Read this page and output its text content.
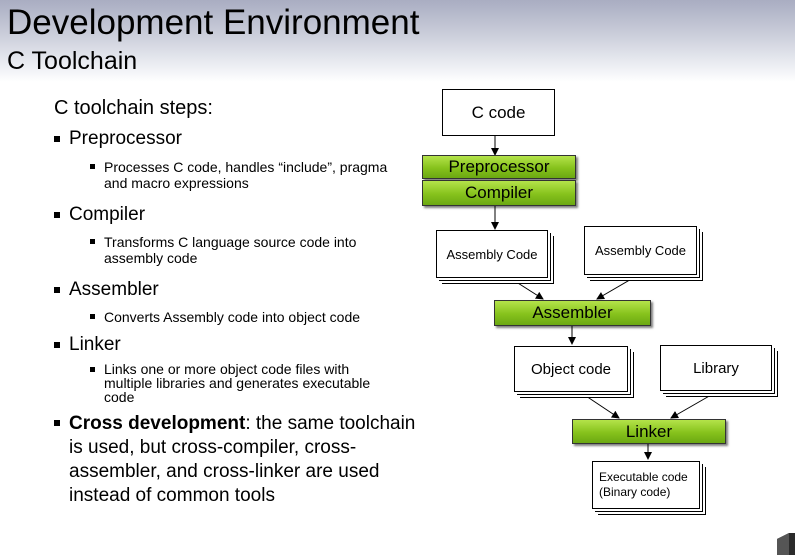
Development Environment
C Toolchain
C toolchain steps:
Preprocessor
Processes C code, handles “include”, pragma and macro expressions
Compiler
Transforms C language source code into assembly code
Assembler
Converts Assembly code into object code
Linker
Links one or more object code files with multiple libraries and generates executable code
Cross development: the same toolchain is used, but cross-compiler, cross-assembler, and cross-linker are used instead of common tools
C code
Preprocessor
Compiler
Assembly Code	Assembly Code
Assembler
Object code	Library
Linker
Executable code
(Binary code)
